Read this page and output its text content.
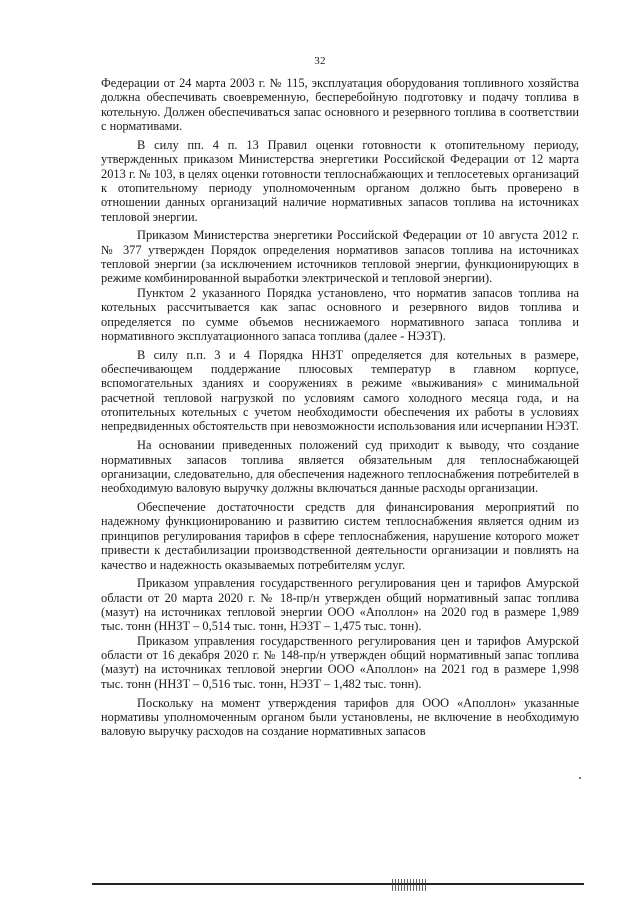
32

Федерации от 24 марта 2003 г. № 115, эксплуатация оборудования топливного хозяйства должна обеспечивать своевременную, бесперебойную подготовку и подачу топлива в котельную. Должен обеспечиваться запас основного и резервного топлива в соответствии с нормативами.

В силу пп. 4 п. 13 Правил оценки готовности к отопительному периоду, утвержденных приказом Министерства энергетики Российской Федерации от 12 марта 2013 г. № 103, в целях оценки готовности теплоснабжающих и теплосетевых организаций к отопительному периоду уполномоченным органом должно быть проверено в отношении данных организаций наличие нормативных запасов топлива на источниках тепловой энергии.

Приказом Министерства энергетики Российской Федерации от 10 августа 2012 г. № 377 утвержден Порядок определения нормативов запасов топлива на источниках тепловой энергии (за исключением источников тепловой энергии, функционирующих в режиме комбинированной выработки электрической и тепловой энергии).

Пунктом 2 указанного Порядка установлено, что норматив запасов топлива на котельных рассчитывается как запас основного и резервного видов топлива и определяется по сумме объемов неснижаемого нормативного запаса топлива и нормативного эксплуатационного запаса топлива (далее - НЭЗТ).

В силу п.п. 3 и 4 Порядка ННЗТ определяется для котельных в размере, обеспечивающем поддержание плюсовых температур в главном корпусе, вспомогательных зданиях и сооружениях в режиме «выживания» с минимальной расчетной тепловой нагрузкой по условиям самого холодного месяца года, и на отопительных котельных с учетом необходимости обеспечения их работы в условиях непредвиденных обстоятельств при невозможности использования или исчерпании НЭЗТ.

На основании приведенных положений суд приходит к выводу, что создание нормативных запасов топлива является обязательным для теплоснабжающей организации, следовательно, для обеспечения надежного теплоснабжения потребителей в необходимую валовую выручку должны включаться данные расходы организации.

Обеспечение достаточности средств для финансирования мероприятий по надежному функционированию и развитию систем теплоснабжения является одним из принципов регулирования тарифов в сфере теплоснабжения, нарушение которого может привести к дестабилизации производственной деятельности организации и повлиять на качество и надежность оказываемых потребителям услуг.

Приказом управления государственного регулирования цен и тарифов Амурской области от 20 марта 2020 г. № 18-пр/н утвержден общий нормативный запас топлива (мазут) на источниках тепловой энергии ООО «Аполлон» на 2020 год в размере 1,989 тыс. тонн (ННЗТ – 0,514 тыс. тонн, НЭЗТ – 1,475 тыс. тонн).

Приказом управления государственного регулирования цен и тарифов Амурской области от 16 декабря 2020 г. № 148-пр/н утвержден общий нормативный запас топлива (мазут) на источниках тепловой энергии ООО «Аполлон» на 2021 год в размере 1,998 тыс. тонн (ННЗТ – 0,516 тыс. тонн, НЭЗТ – 1,482 тыс. тонн).

Поскольку на момент утверждения тарифов для ООО «Аполлон» указанные нормативы уполномоченным органом были установлены, не включение в необходимую валовую выручку расходов на создание нормативных запасов
